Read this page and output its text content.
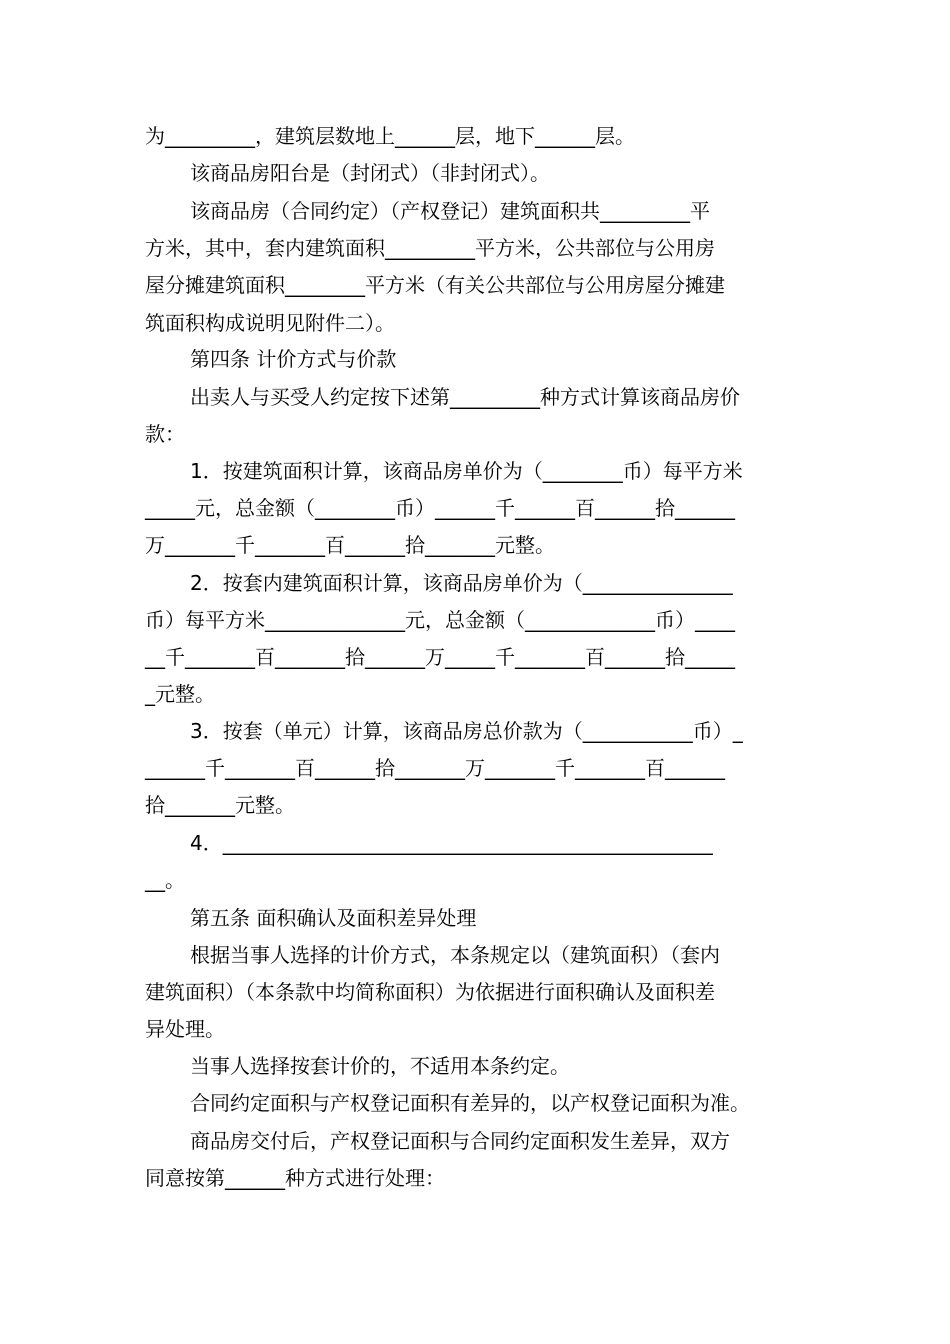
为_________，建筑层数地上______层，地下______层。
该商品房阳台是（封闭式）（非封闭式）。
该商品房（合同约定）（产权登记）建筑面积共_________平
方米，其中，套内建筑面积_________平方米，公共部位与公用房
屋分摊建筑面积________平方米（有关公共部位与公用房屋分摊建
筑面积构成说明见附件二）。
第四条 计价方式与价款
出卖人与买受人约定按下述第_________种方式计算该商品房价
款：
1．按建筑面积计算，该商品房单价为（________币）每平方米
_____元，总金额（________币）______千______百______拾______
万_______千_______百______拾_______元整。
2．按套内建筑面积计算，该商品房单价为（_______________
币）每平方米______________元，总金额（_____________币）____
__千_______百_______拾______万_____千_______百______拾_____
_元整。
3．按套（单元）计算，该商品房总价款为（___________币）_
______千_______百______拾_______万_______千_______百______
拾_______元整。
4．_________________________________________________
__。
第五条 面积确认及面积差异处理
根据当事人选择的计价方式，本条规定以（建筑面积）（套内
建筑面积）（本条款中均简称面积）为依据进行面积确认及面积差
异处理。
当事人选择按套计价的，不适用本条约定。
合同约定面积与产权登记面积有差异的，以产权登记面积为准。
商品房交付后，产权登记面积与合同约定面积发生差异，双方
同意按第______种方式进行处理：
